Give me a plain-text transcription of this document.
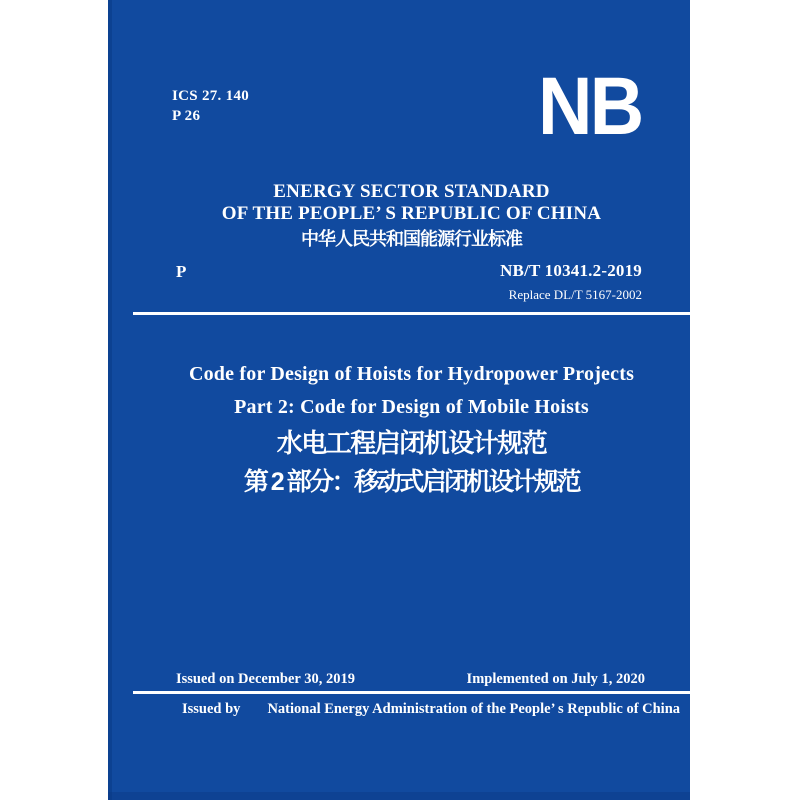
ICS 27. 140
P 26	NB
ENERGY SECTOR STANDARD
OF THE PEOPLE’ S REPUBLIC OF CHINA
中华人民共和国能源行业标准
P	NB/T 10341.2-2019
Replace DL/T 5167-2002
Code for Design of Hoists for Hydropower Projects
Part 2: Code for Design of Mobile Hoists
水电工程启闭机设计规范
第 2 部分：移动式启闭机设计规范
Issued on December 30, 2019	Implemented on July 1, 2020
Issued by National Energy Administration of the People’ s Republic of China
